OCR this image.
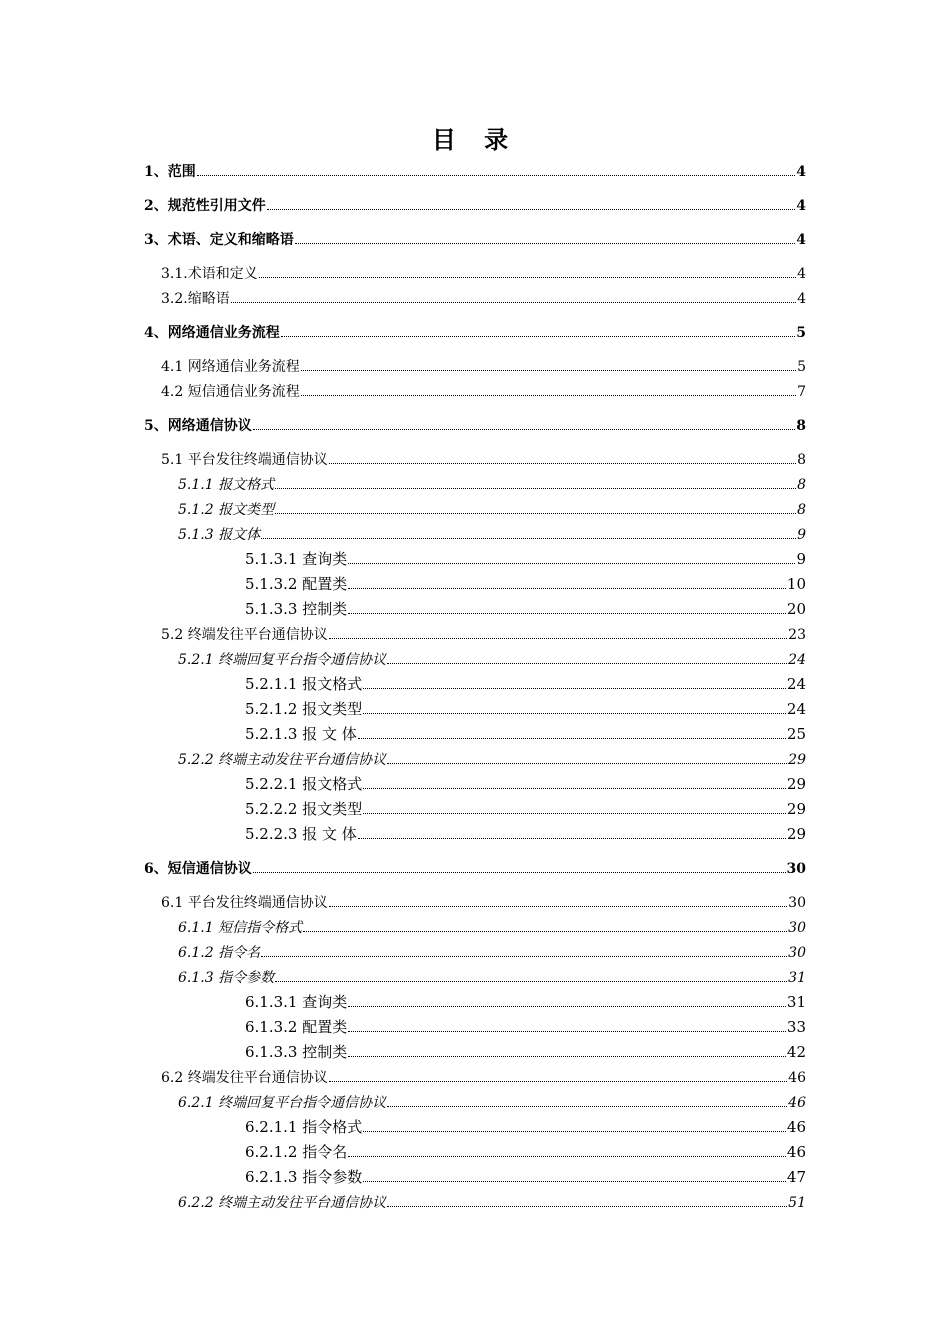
目 录
1、范围	4
2、规范性引用文件	4
3、术语、定义和缩略语	4
3.1.术语和定义	4
3.2.缩略语	4
4、网络通信业务流程	5
4.1 网络通信业务流程	5
4.2 短信通信业务流程	7
5、网络通信协议	8
5.1 平台发往终端通信协议	8
5.1.1 报文格式	8
5.1.2 报文类型	8
5.1.3 报文体	9
5.1.3.1 查询类	9
5.1.3.2 配置类	10
5.1.3.3 控制类	20
5.2 终端发往平台通信协议	23
5.2.1 终端回复平台指令通信协议	24
5.2.1.1 报文格式	24
5.2.1.2 报文类型	24
5.2.1.3 报 文 体	25
5.2.2 终端主动发往平台通信协议	29
5.2.2.1 报文格式	29
5.2.2.2 报文类型	29
5.2.2.3 报 文 体	29
6、短信通信协议	30
6.1 平台发往终端通信协议	30
6.1.1 短信指令格式	30
6.1.2 指令名	30
6.1.3 指令参数	31
6.1.3.1 查询类	31
6.1.3.2 配置类	33
6.1.3.3 控制类	42
6.2 终端发往平台通信协议	46
6.2.1 终端回复平台指令通信协议	46
6.2.1.1 指令格式	46
6.2.1.2 指令名	46
6.2.1.3 指令参数	47
6.2.2 终端主动发往平台通信协议	51
